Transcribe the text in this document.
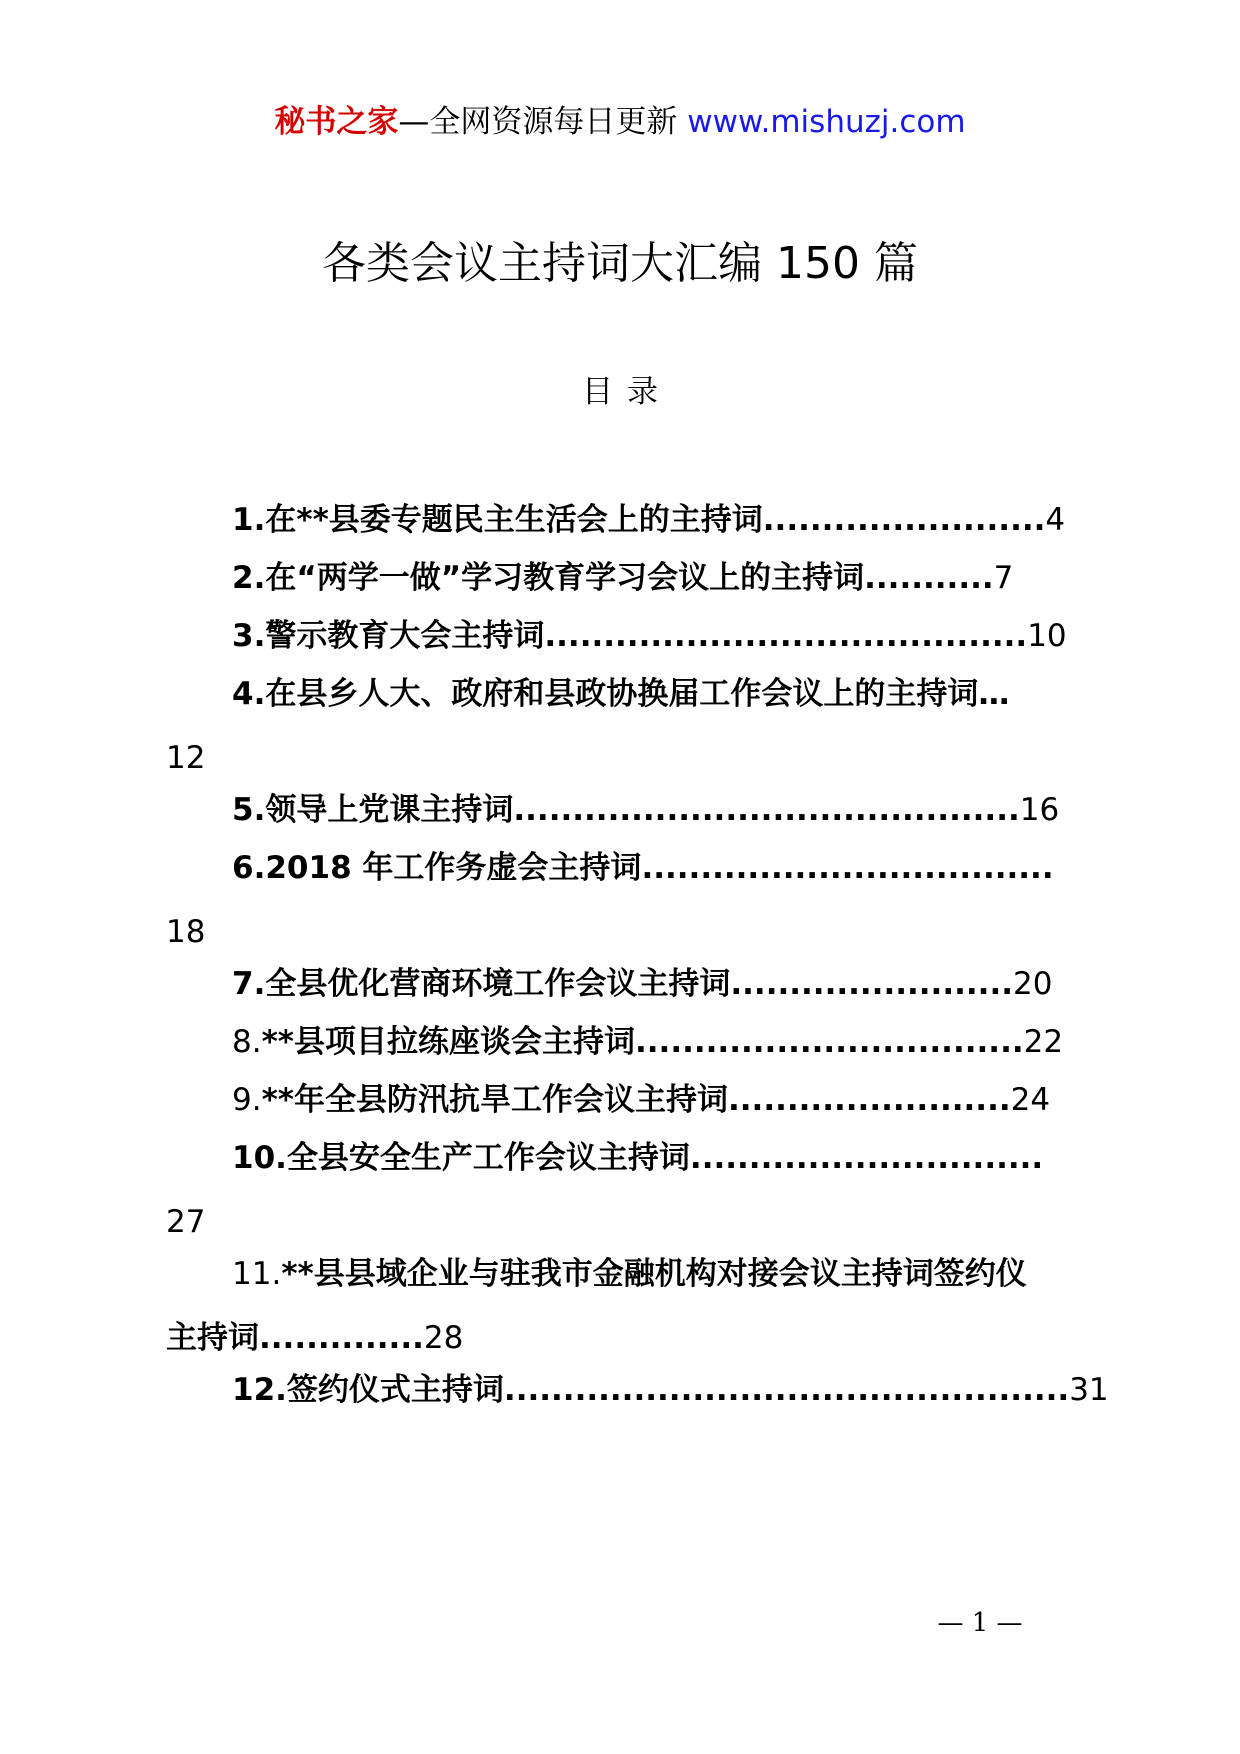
秘书之家—全网资源每日更新 www.mishuzj.com
各类会议主持词大汇编 150 篇
目录
1.在**县委专题民主生活会上的主持词........................4
2.在“两学一做”学习教育学习会议上的主持词...........7
3.警示教育大会主持词.........................................10
4.在县乡人大、政府和县政协换届工作会议上的主持词…
12
5.领导上党课主持词...........................................16
6.2018 年工作务虚会主持词...................................
18
7.全县优化营商环境工作会议主持词........................20
8.**县项目拉练座谈会主持词.................................22
9.**年全县防汛抗旱工作会议主持词........................24
10.全县安全生产工作会议主持词..............................
27
11.**县县域企业与驻我市金融机构对接会议主持词签约仪
主持词..............28
12.签约仪式主持词................................................31
— 1 —
